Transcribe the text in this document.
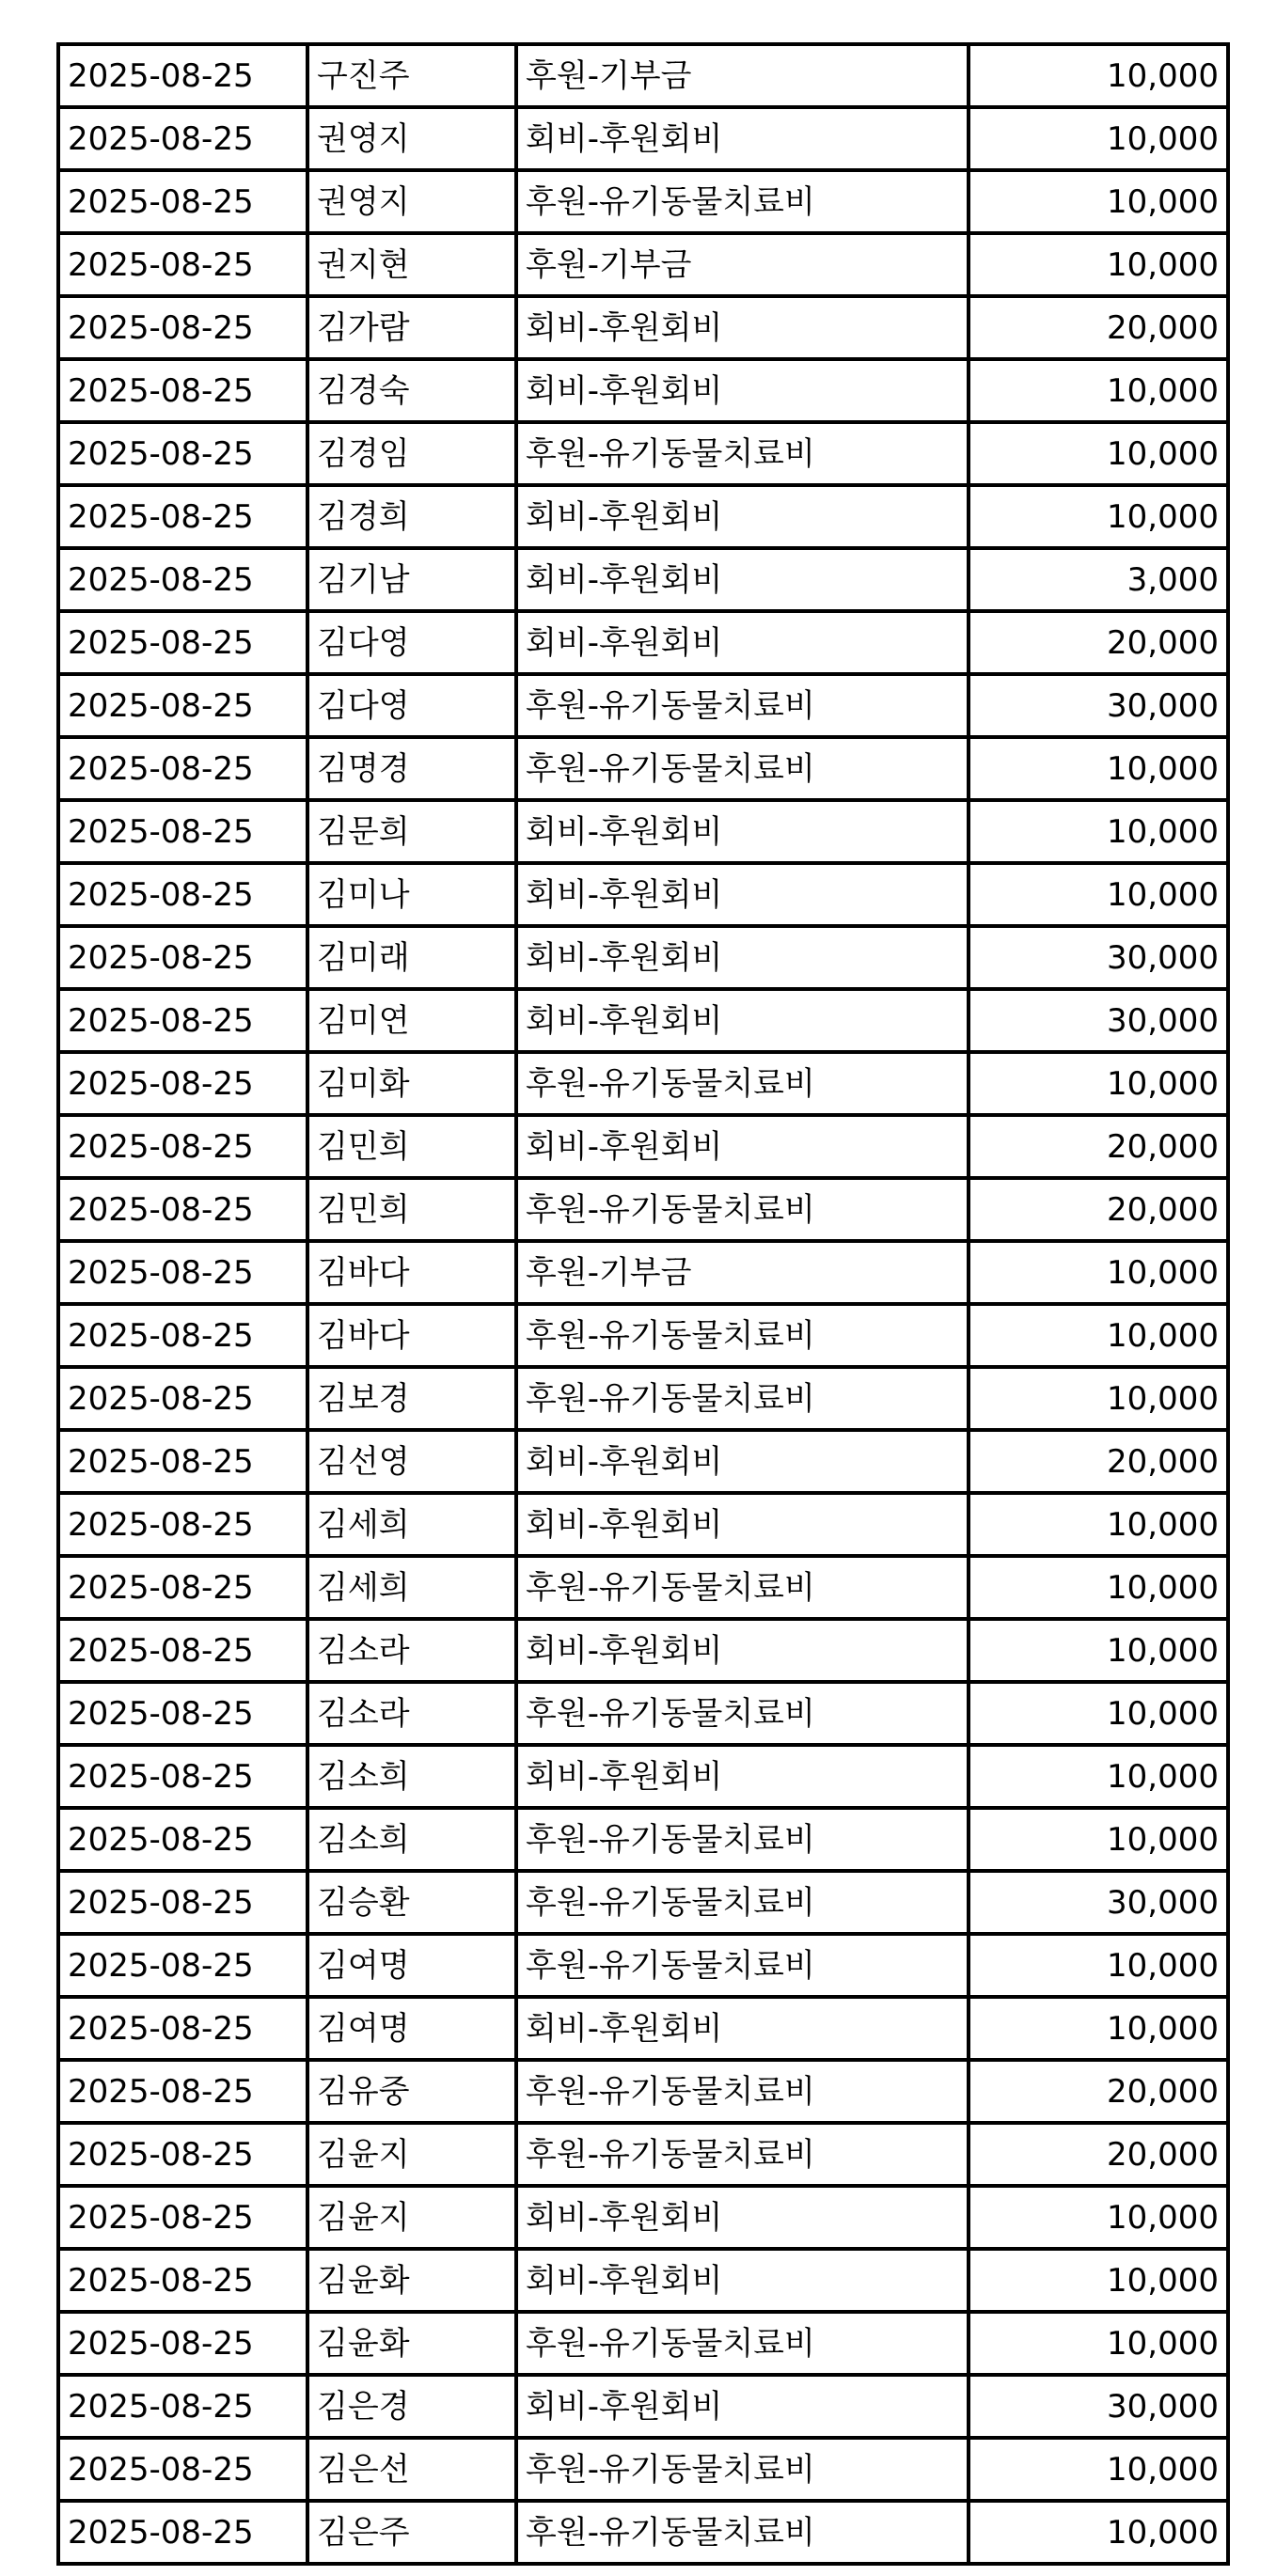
2025-08-25	구진주	후원-기부금	10,000
2025-08-25	권영지	회비-후원회비	10,000
2025-08-25	권영지	후원-유기동물치료비	10,000
2025-08-25	권지현	후원-기부금	10,000
2025-08-25	김가람	회비-후원회비	20,000
2025-08-25	김경숙	회비-후원회비	10,000
2025-08-25	김경임	후원-유기동물치료비	10,000
2025-08-25	김경희	회비-후원회비	10,000
2025-08-25	김기남	회비-후원회비	3,000
2025-08-25	김다영	회비-후원회비	20,000
2025-08-25	김다영	후원-유기동물치료비	30,000
2025-08-25	김명경	후원-유기동물치료비	10,000
2025-08-25	김문희	회비-후원회비	10,000
2025-08-25	김미나	회비-후원회비	10,000
2025-08-25	김미래	회비-후원회비	30,000
2025-08-25	김미연	회비-후원회비	30,000
2025-08-25	김미화	후원-유기동물치료비	10,000
2025-08-25	김민희	회비-후원회비	20,000
2025-08-25	김민희	후원-유기동물치료비	20,000
2025-08-25	김바다	후원-기부금	10,000
2025-08-25	김바다	후원-유기동물치료비	10,000
2025-08-25	김보경	후원-유기동물치료비	10,000
2025-08-25	김선영	회비-후원회비	20,000
2025-08-25	김세희	회비-후원회비	10,000
2025-08-25	김세희	후원-유기동물치료비	10,000
2025-08-25	김소라	회비-후원회비	10,000
2025-08-25	김소라	후원-유기동물치료비	10,000
2025-08-25	김소희	회비-후원회비	10,000
2025-08-25	김소희	후원-유기동물치료비	10,000
2025-08-25	김승환	후원-유기동물치료비	30,000
2025-08-25	김여명	후원-유기동물치료비	10,000
2025-08-25	김여명	회비-후원회비	10,000
2025-08-25	김유중	후원-유기동물치료비	20,000
2025-08-25	김윤지	후원-유기동물치료비	20,000
2025-08-25	김윤지	회비-후원회비	10,000
2025-08-25	김윤화	회비-후원회비	10,000
2025-08-25	김윤화	후원-유기동물치료비	10,000
2025-08-25	김은경	회비-후원회비	30,000
2025-08-25	김은선	후원-유기동물치료비	10,000
2025-08-25	김은주	후원-유기동물치료비	10,000
